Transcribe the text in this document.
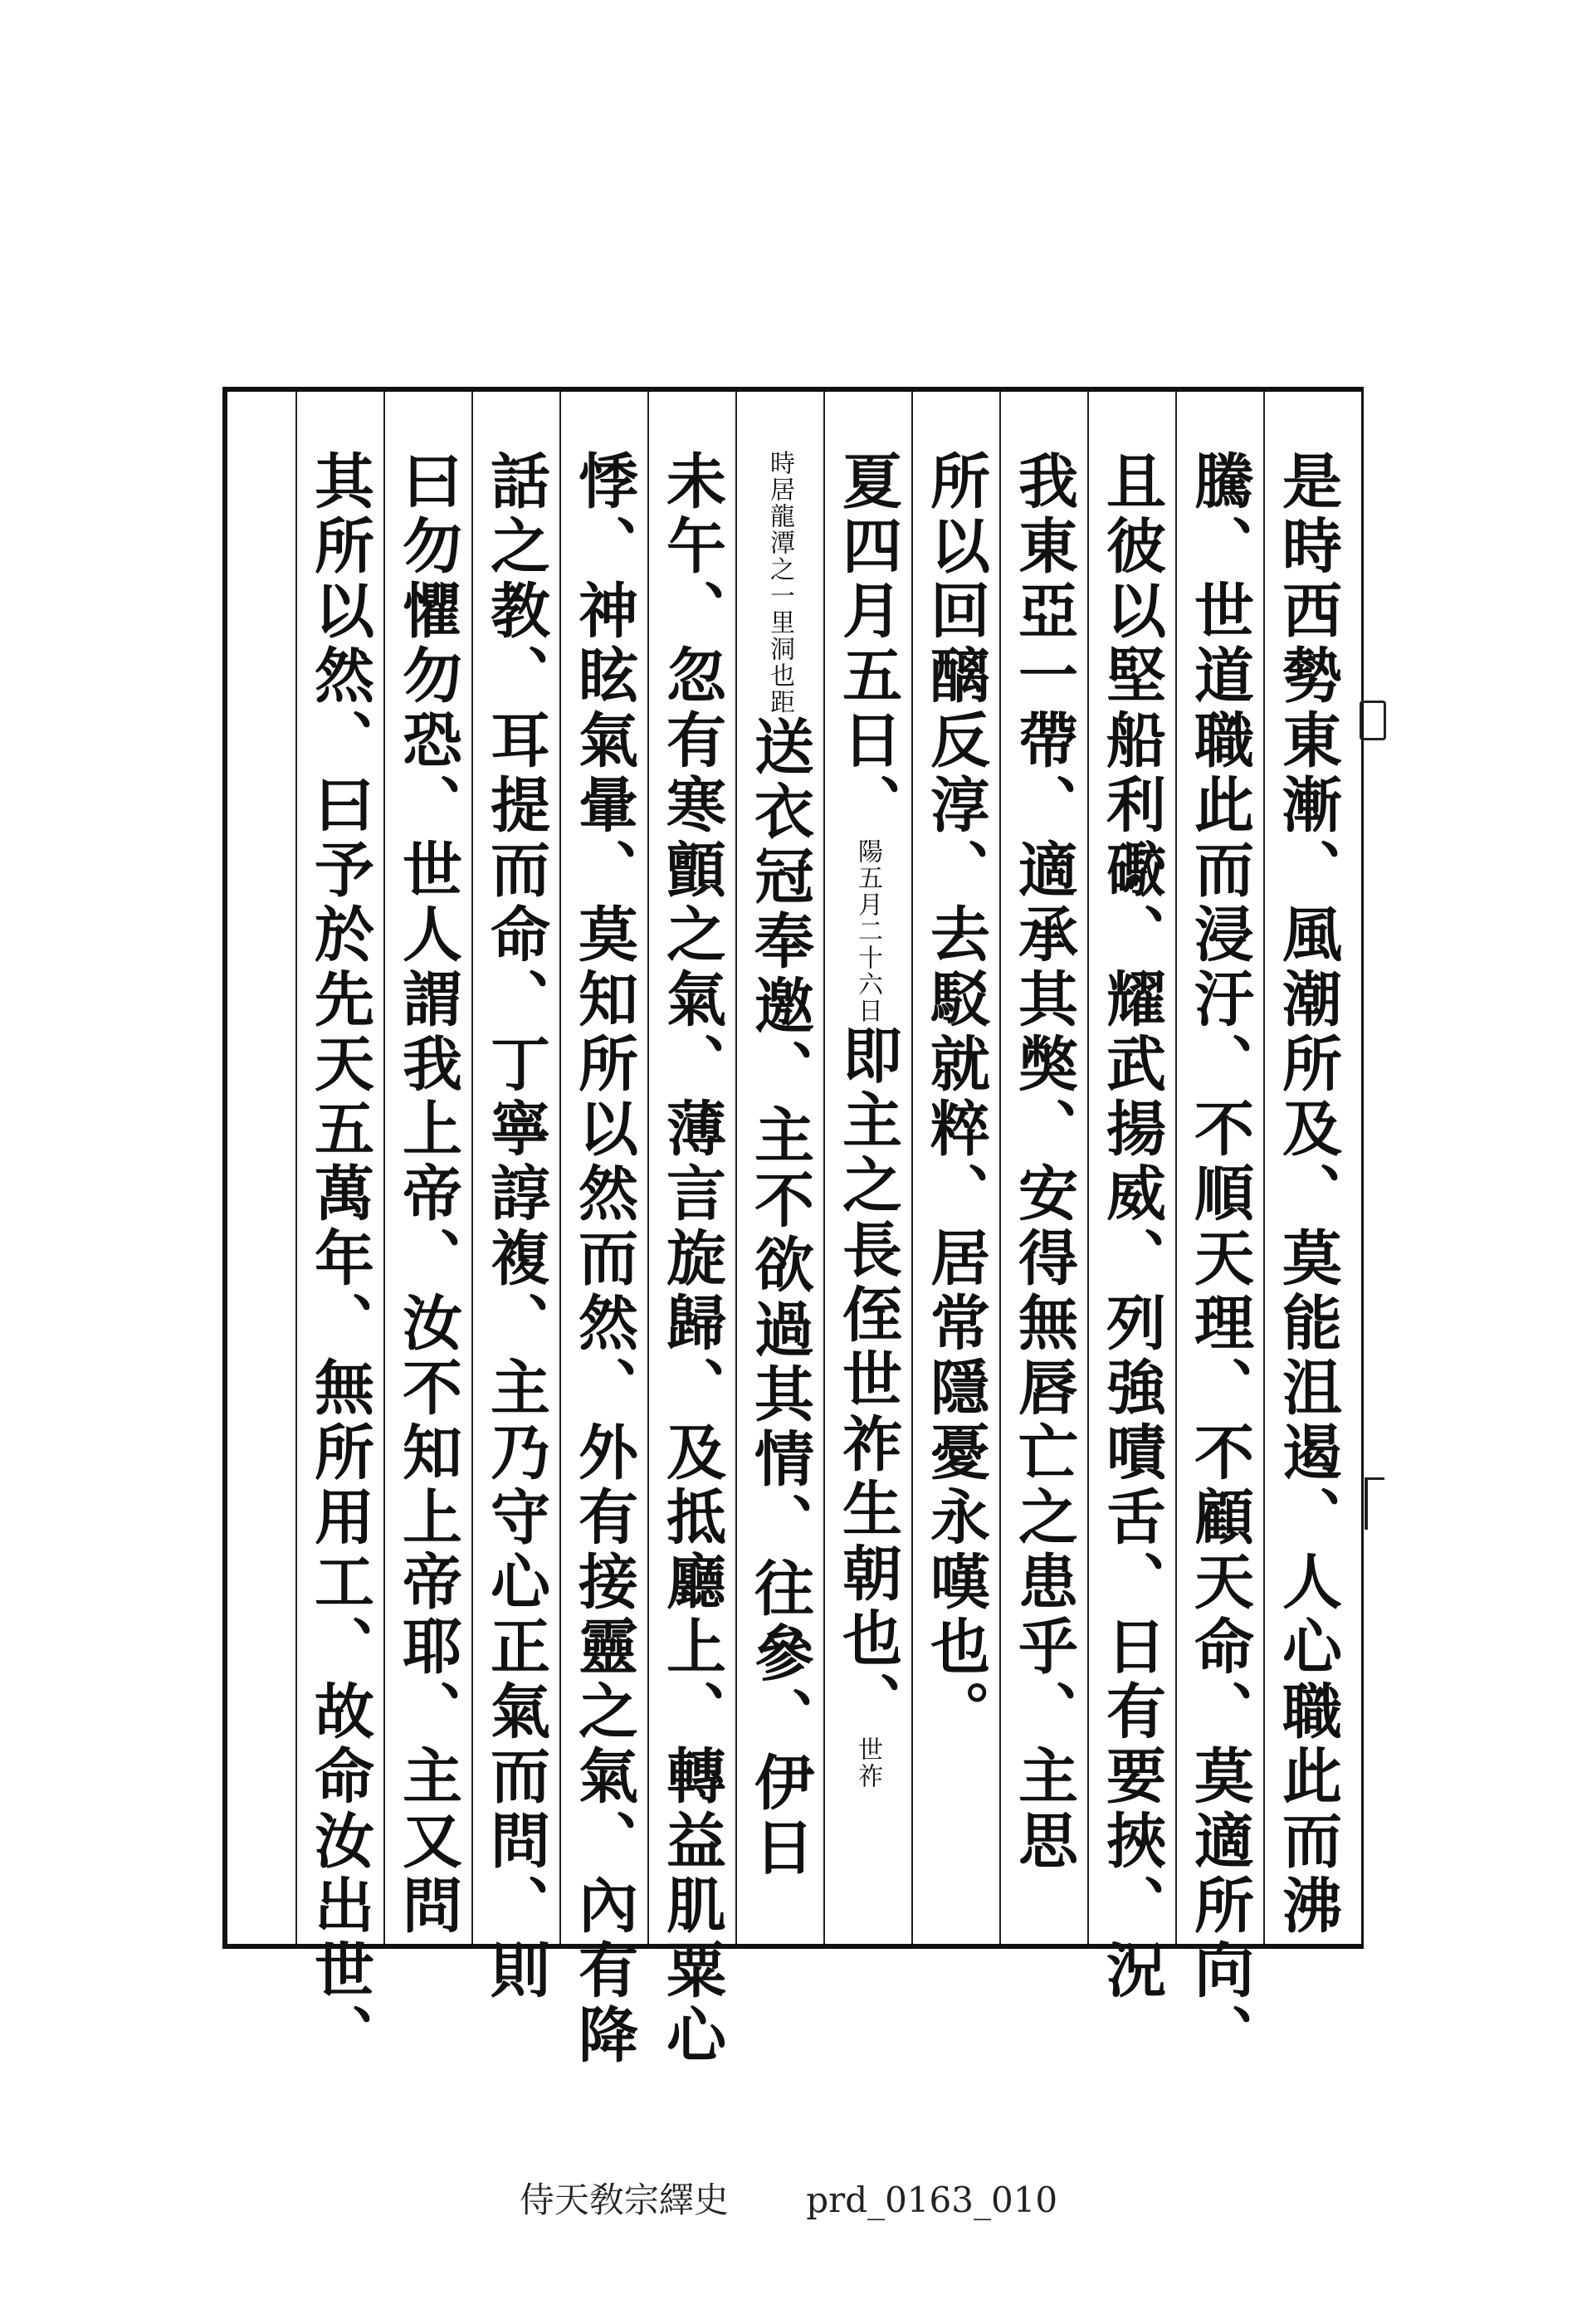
是時西勢東漸、風潮所及、莫能沮遏、人心職此而沸
騰、世道職此而浸汙、不順天理、不顧天命、莫適所向、
且彼以堅船利礮、耀武揚威、列強嘖舌、日有要挾、況
我東亞一帶、適承其獘、安得無唇亡之患乎、主思
所以回醨反淳、去駁就粹、居常隱憂永嘆也。
夏四月五日、陽五月二十六日即主之長侄世祚生朝也、世祚
時居龍潭之一里洞也距送衣冠奉邀、主不欲過其情、往參、伊日
未午、忽有寒顫之氣、薄言旋歸、及抵廳上、轉益肌粟心
悸、神眩氣暈、莫知所以然而然、外有接靈之氣、內有降
話之教、耳提而命、丁寧諄複、主乃守心正氣而問、則
曰勿懼勿恐、世人謂我上帝、汝不知上帝耶、主又問
其所以然、曰予於先天五萬年、無所用工、故命汝出世、
侍天敎宗繹史 prd_0163_010
